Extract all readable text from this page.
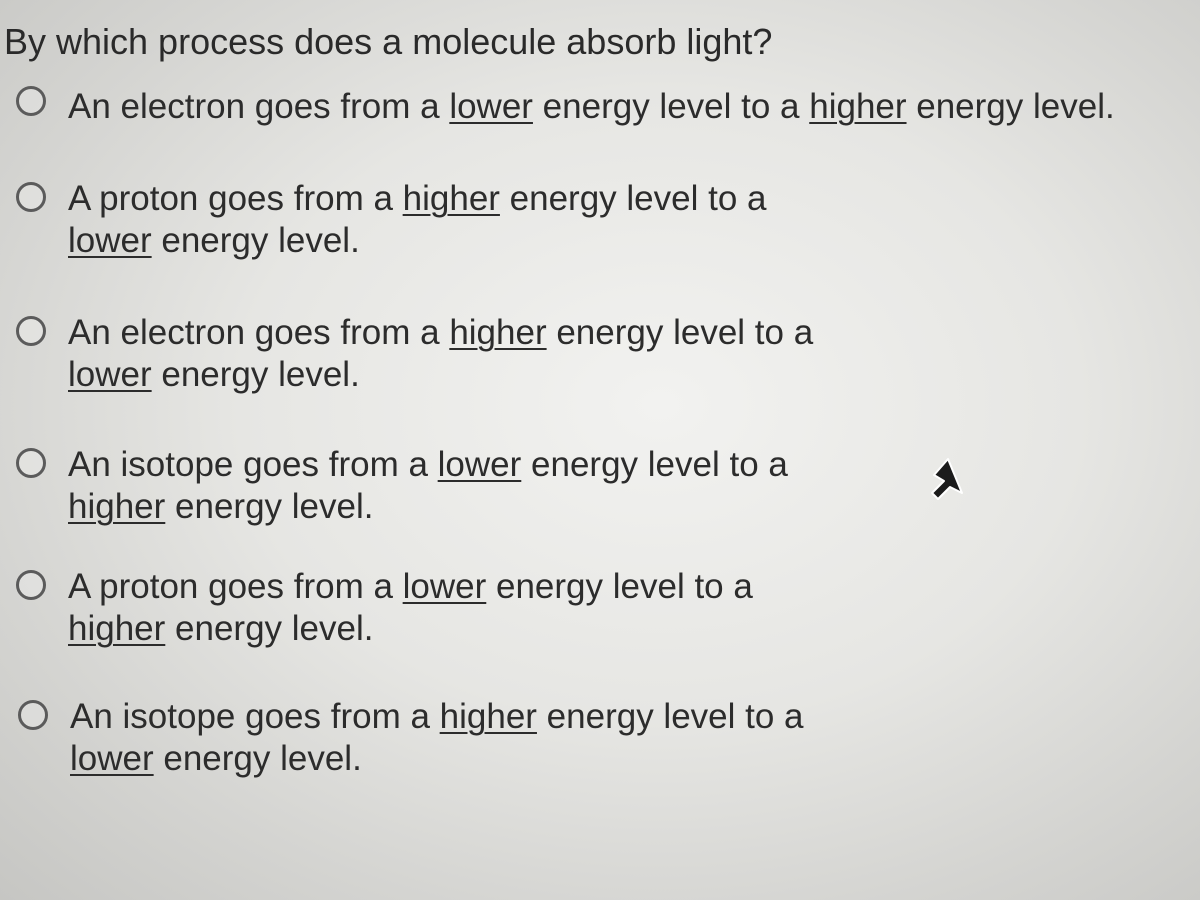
By which process does a molecule absorb light?
An electron goes from a lower energy level to a higher energy level.
A proton goes from a higher energy level to a
lower energy level.
An electron goes from a higher energy level to a
lower energy level.
An isotope goes from a lower energy level to a
higher energy level.
A proton goes from a lower energy level to a
higher energy level.
An isotope goes from a higher energy level to a
lower energy level.
